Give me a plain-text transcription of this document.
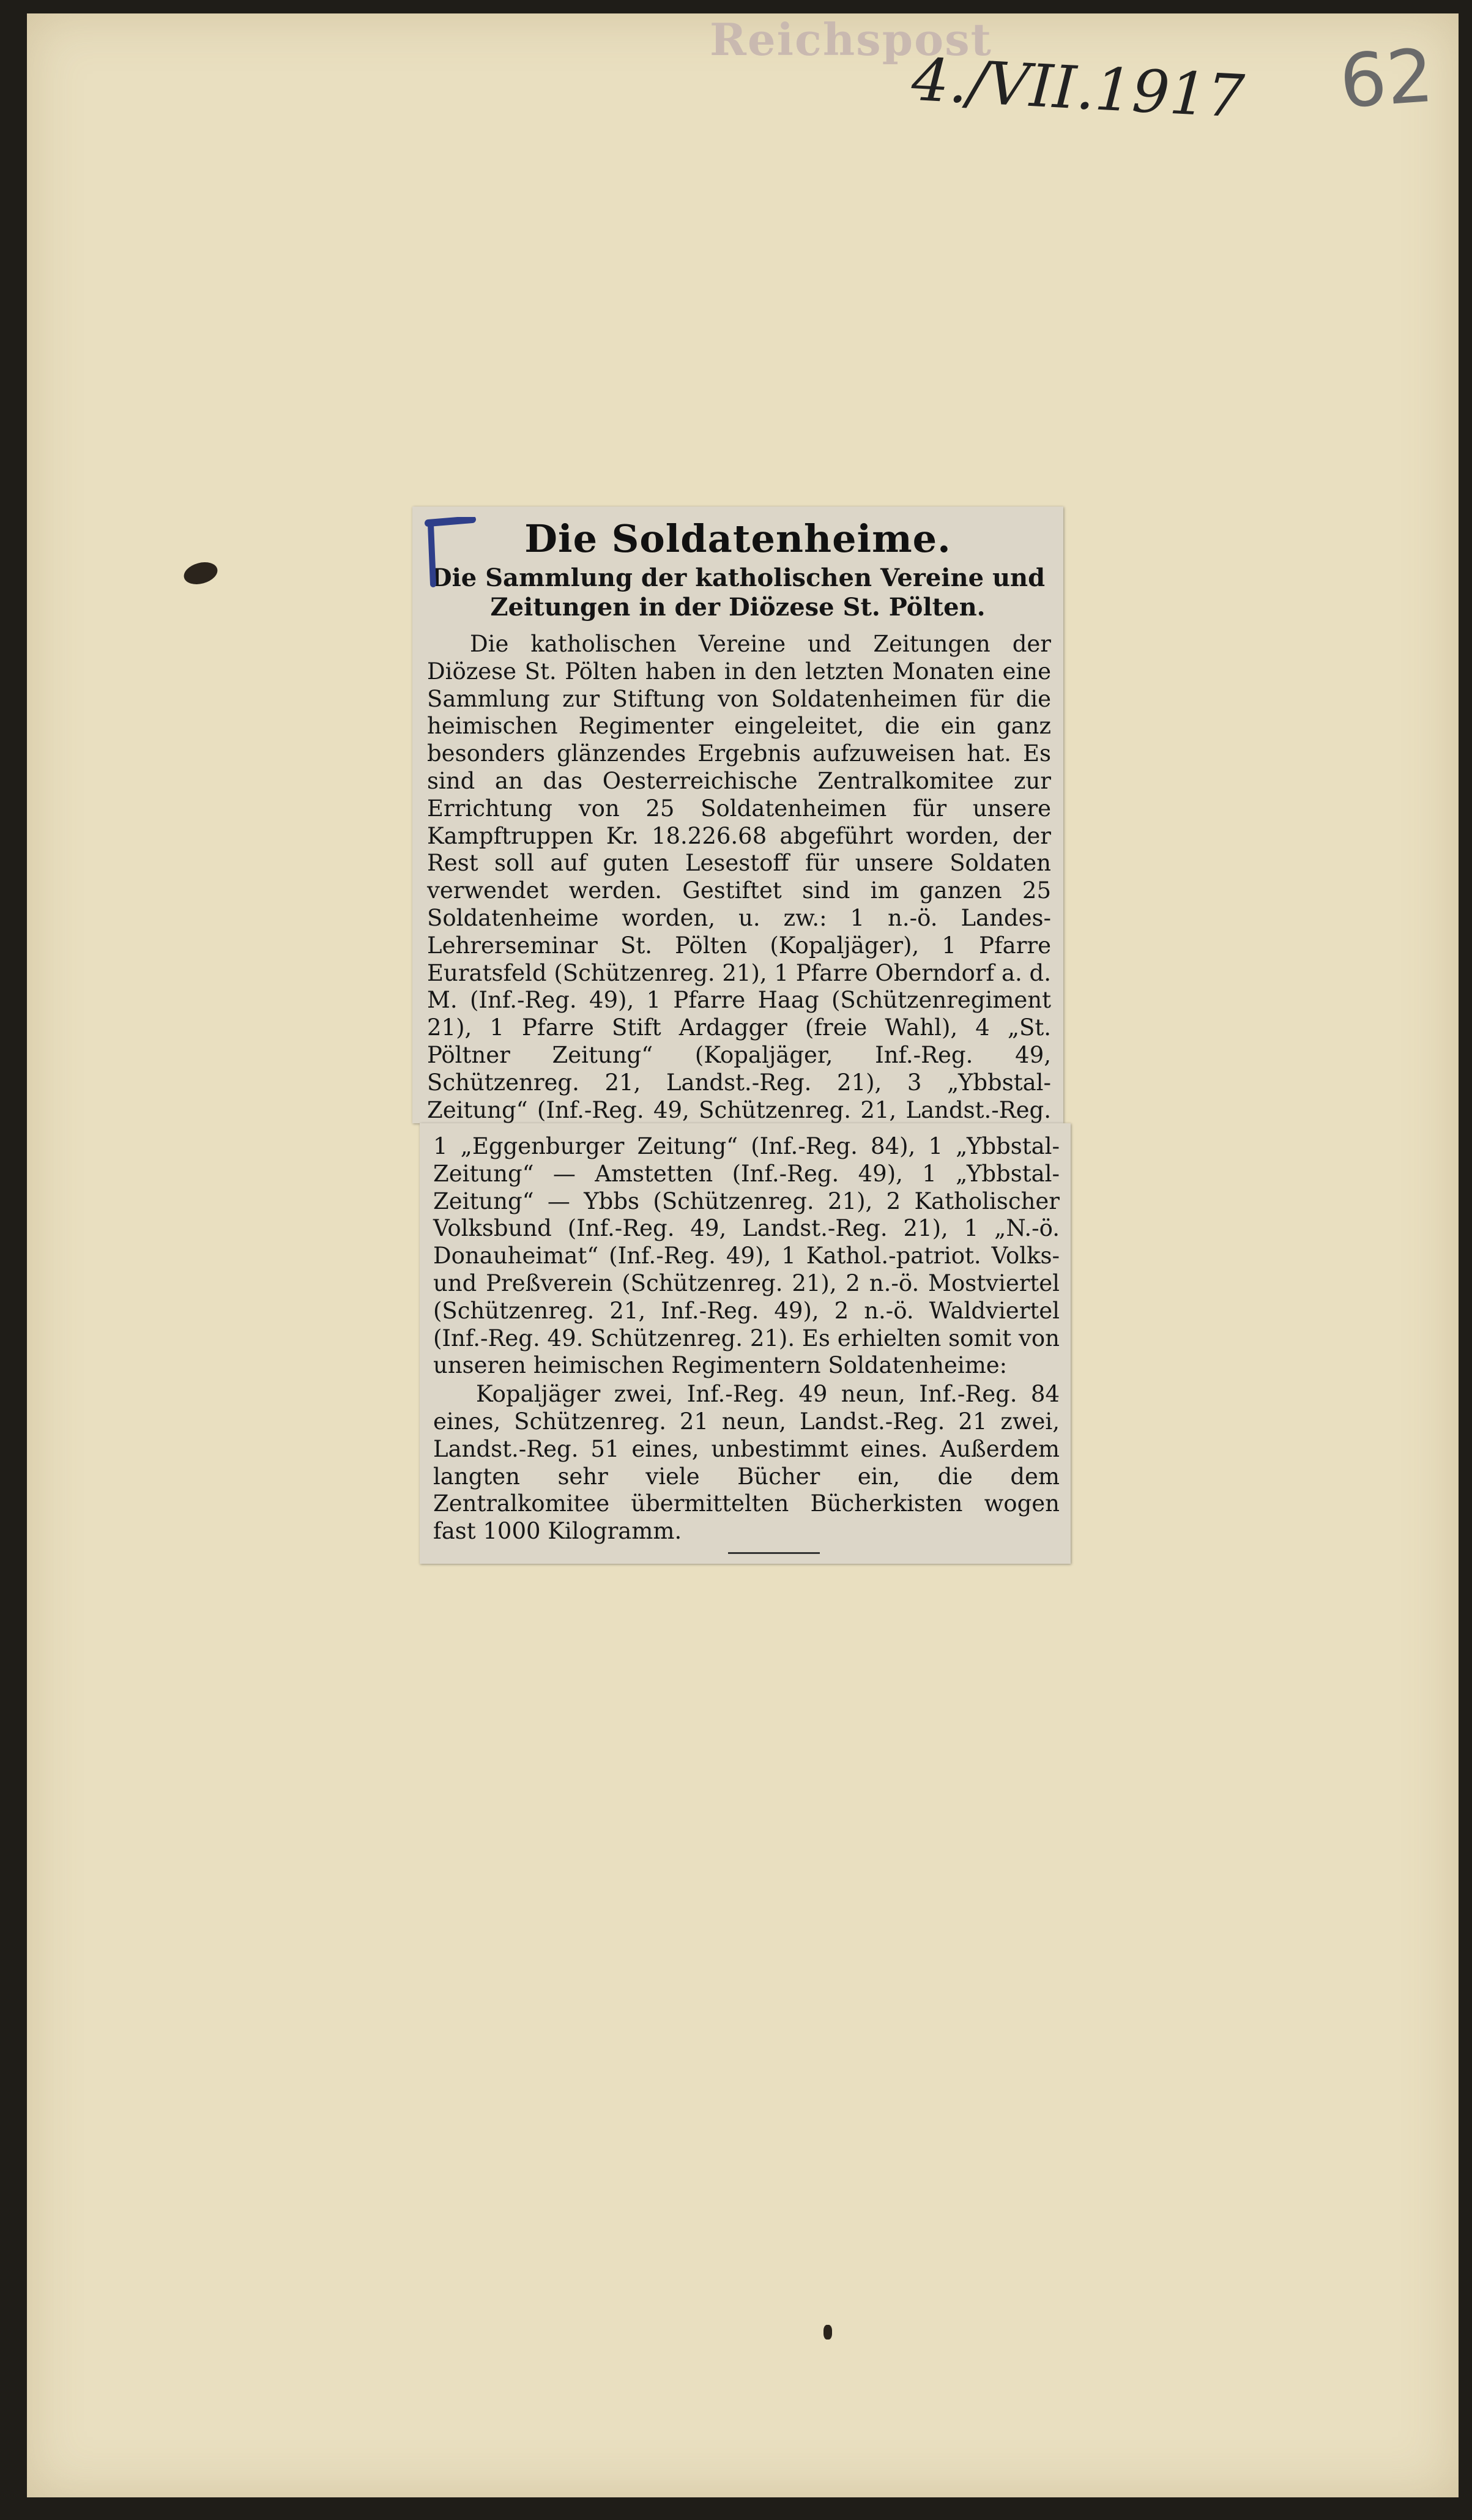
Reichspost
4./VII.1917 62
Die Soldatenheime.
Die Sammlung der katholischen Vereine und Zeitungen in der Diözese St. Pölten.
Die katholischen Vereine und Zeitungen der Diözese St. Pölten haben in den letzten Monaten eine Sammlung zur Stiftung von Soldatenheimen für die heimischen Regimenter eingeleitet, die ein ganz besonders glänzendes Ergebnis aufzuweisen hat. Es sind an das Oesterreichische Zentralkomitee zur Errichtung von 25 Soldatenheimen für unsere Kampftruppen Kr. 18.226.68 abgeführt worden, der Rest soll auf guten Lesestoff für unsere Soldaten verwendet werden. Gestiftet sind im ganzen 25 Soldatenheime worden, u. zw.: 1 n.-ö. Landes-Lehrerseminar St. Pölten (Kopaljäger), 1 Pfarre Euratsfeld (Schützenreg. 21), 1 Pfarre Oberndorf a. d. M. (Inf.-Reg. 49), 1 Pfarre Haag (Schützenregiment 21), 1 Pfarre Stift Ardagger (freie Wahl), 4 „St. Pöltner Zeitung“ (Kopaljäger, Inf.-Reg. 49, Schützenreg. 21, Landst.-Reg. 21), 3 „Ybbstal-Zeitung“ (Inf.-Reg. 49, Schützenreg. 21, Landst.-Reg.
1 „Eggenburger Zeitung“ (Inf.-Reg. 84), 1 „Ybbstal-Zeitung“ — Amstetten (Inf.-Reg. 49), 1 „Ybbstal-Zeitung“ — Ybbs (Schützenreg. 21), 2 Katholischer Volksbund (Inf.-Reg. 49, Landst.-Reg. 21), 1 „N.-ö. Donauheimat“ (Inf.-Reg. 49), 1 Kathol.-patriot. Volks- und Preßverein (Schützenreg. 21), 2 n.-ö. Mostviertel (Schützenreg. 21, Inf.-Reg. 49), 2 n.-ö. Waldviertel (Inf.-Reg. 49. Schützenreg. 21). Es erhielten somit von unseren heimischen Regimentern Soldatenheime:
Kopaljäger zwei, Inf.-Reg. 49 neun, Inf.-Reg. 84 eines, Schützenreg. 21 neun, Landst.-Reg. 21 zwei, Landst.-Reg. 51 eines, unbestimmt eines. Außerdem langten sehr viele Bücher ein, die dem Zentralkomitee übermittelten Bücherkisten wogen fast 1000 Kilogramm.
